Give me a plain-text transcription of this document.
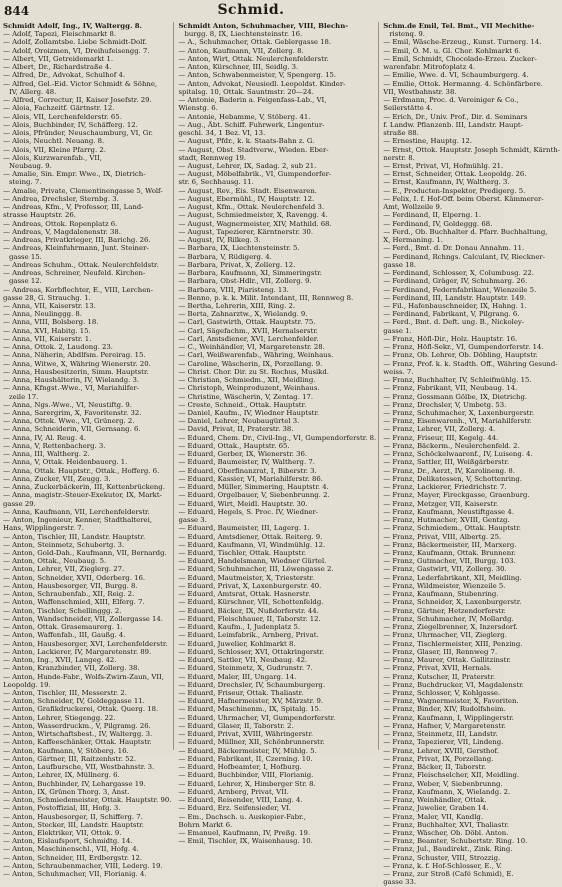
844	Schmid.
Schmidt Adolf, Ing., IV, Waltergg. 8.
— Adolf, Tapezi, Fleischmarkt 8.
— Adolf, Zollamtsbe. Liebe Schmidt-Dolf.
— Adolf, Oroizmen, VI, Dreihufeisengg. 7.
— Albert, VII, Getreidemarkt 1.
— Albert, Dr., Richardstraße 4.
— Alfred, Dr., Advokat, Schulhof 4.
— Alfred, Gel.-Eid. Victor Schmidt & Söhne,
IV, Allerg. 48.
— Alfred, Correctur, II, Kaiser Josefstr. 29.
— Aloia, Fachzeitf. Gärtnstr. 12.
— Alois, VII, Lerchenfelderstr. 65.
— Alois, Buchbinder, IV, Schäfferg. 12.
— Alois, Pfründer, Neuschaumburg, VI, Gr.
— Alois, Neuchtl. Neuang. 8.
— Alois, VII, Kleine Pfarrg. 2.
— Alois, Kurzwarenfab., VII,
Neubaug. 9.
— Amalie, Sin. Empr. Wwe., IX, Dietrich-
steing. 7.
— Amalie, Private, Clementinengasse 5, Wolf-
— Andrea, Drechsler, Sternbg. 3.
— Andreas, Kfm., V, Professor, III, Land-
strasse Hauptstr. 26.
— Andreas, Ottok. Ropenplatz 6.
— Andreas, V, Magdalenenstr. 38.
— Andreas, Privatkrieger, III, Barichg. 26.
— Andreas, Kleinfuhrmann, Junt. Steiner-
gasse 15.
— Andreas Schuhm., Ottak. Neulerchfeldstr.
— Andreas, Schreiner, Neufeld. Kirchen-
gasse 12.
— Andreas, Korbflechter, E., VIII, Lerchen-
gasse 28, G. Strauchg. 1.
— Anna, VII, Kaiserstr. 13.
— Anna, Neulinggg. 8.
— Anna, VIII, Bolsberg. 18.
— Anna, XVI, Habitg. 15.
— Anna, VII, Kaiserstr. 1.
— Anna, Ottok. 2, Laudong. 23.
— Anna, Näherin, Abdlfsm. Pereirag. 15.
— Anna, Witwe, X, Währing Wienerstr. 20.
— Anna, Hausbesitzerin, Simm. Hauptstr.
— Anna, Haushälterin, IV, Wielandg. 3.
— Anna, Kfngst.-Wwe., VI, Mariahilfer-
zeile 17.
— Anna, Ngs.-Wwe., VI, Neustiftg. 9.
— Anna, Sarergrim, X, Favoritenstr. 32.
— Anna, Ottok. Wwe., VI, Grünerg. 2.
— Anna, Schneiderin, VII, Gernsang. 6.
— Anna, IV, Al. Reug. 4.
— Anna, V, Rettenbacherg. 3.
— Anna, III, Waltherg. 2.
— Anna, V, Ottak. Heidenbauerg. 1.
— Anna, Ottak. Hauptstr., Ottak., Hofferg. 6.
— Anna, Zucker, VII, Zeugg. 3.
— Anna, Zuckerbäckerin, III, Kettenbrückeng.
— Anna, magistr.-Steuer-Exekutor, IX, Markt-
gasse 29.
— Anna, Kaufmann, VII, Lerchenfelderstr.
— Anton, Ingenieur, Kenner, Stadthalterei,
Hans, Wipplingerstr. 7.
— Anton, Tischler, III, Landstr. Hauptstr.
— Anton, Steinmetz, Schubertg. 3.
— Anton, Gold-Dah., Kaufmann, VII, Bernardg.
— Anton, Ottak., Neubaug. 5.
— Anton, Lehrer, VII, Zieglerg. 27.
— Anton, Schneider, XVII, Oderberg. 16.
— Anton, Hausbesorger, VII, Burgg. 8.
— Anton, Schraubenfab., XII, Reig. 2.
— Anton, Waffenschmied, XIII, Elferg. 7.
— Anton, Tischler, Schellinggg. 2.
— Anton, Wandschneider, VII, Zollergasse 14.
— Anton, Ottak. Grasemaurerg. 1.
— Anton, Waffenfab., III, Gaußg. 4.
— Anton, Hausbesorger, XVI, Lerchenfelderstr.
— Anton, Lackierer, IV, Margaretenstr. 89.
— Anton, Ing., XVII, Langeg. 42.
— Anton, Kranzbinder, VII, Zollerg. 38.
— Anton, Hunde-Fabr., Wolfs-Zwirn-Zaun, VII,
Leopoldg. 19.
— Anton, Tischler, III, Messerstr. 2.
— Anton, Schneider, IV, Goldeggasse 11.
— Anton, Grafikdruckerei, Ottak. Querg. 18.
— Anton, Lehrer, Stiegengg. 22.
— Anton, Wasserdruckm., V, Pilgramg. 26.
— Anton, Wirtschaftsbest., IV, Waltergg. 3.
— Anton, Kaffeeschänker, Ottak. Hauptstr.
— Anton, Kaufmann, V, Stöberg. 16.
— Anton, Gärtner, III, Raitzenhstr. 52.
— Anton, Laufbursche, VII, Westbahnstr. 3.
— Anton, Lehrer, IX, Müllnerg. 6.
— Anton, Buchbinder, IV, Lehargasse 19.
— Anton, IX, Grünen Thorg. 3, Anst.
— Anton, Schmiedemeister, Ottak. Hauptstr. 90.
— Anton, Postoffizial, III, Hofg. 3.
— Anton, Hausbesorger, II, Schifferg. 7.
— Anton, Stecker, III, Landstr. Hauptstr.
— Anton, Elektriker, VII, Ottok. 9.
— Anton, Eislaufsport, Schmidtg. 14.
— Anton, Maschinenschl., VII, Hofg. 4.
— Anton, Schneider, III, Erdbergstr. 12.
— Anton, Schraubenmacher, VIII, Lederg. 19.
— Anton, Schuhmacher, VII, Florianig. 4.
Schmidt Anton, Schuhmacher, VIII, Blechn-
burgg. 8, IX, Liechtensteinstr. 16.
— A., Schuhmacher, Ottak. Geblergasse 18.
— Anton, Kaufmann, VII, Zollerg. 8.
— Anton, Wirt, Ottak. Neulerchenfelderstr.
— Anton, Kürschner, III, Seidlg. 3.
— Anton, Schwabenmeister, V, Spengerg. 15.
— Anton, Advokat, Neusiedl. Leopoldst. Kinder-
spitalsg. 10, Ottak. Sauntmstr. 20—24.
— Antonie, Baderin a. Feigenfass-Lab., VI,
Wienstg. 6.
— Antonie, Hebamme, V, Stöberg. 41.
— Aug., Äbt. Schiff. Fuhrwerk, Lingentur-
geschl. 34, 1 Bez. VI, 13.
— August, Pfdr., k. k. Staats-Bahn z. G.
— August, Obst. Stadtverw., Wieden. Eber-
stadt, Rennweg 19.
— August, Lehrer, IX, Sadag. 2, sub 21.
— August, Möbelfabrik., VI, Gumpendorfer-
str. 6, Sechhausg. 11.
— August, Rev., Eis. Stadt. Eisenwaren.
— August, Ebermühl., IV, Hauptstr. 12.
— August, Kfm., Ottak. Neulerchenfeld 3.
— August, Schmiedmeister, X, Ravengg. 4.
— August, Wagnermeister, XIV, Mathild. 68.
— August, Tapezierer, Kärntnerstr. 30.
— August, IV, Rilkeg. 3.
— Barbara, IX, Liechtensteinstr. 5.
— Barbara, V, Rüdigerg. 4.
— Barbara, Privat, X, Zollerg. 12.
— Barbara, Kaufmann, XI, Simmeringstr.
— Barbara, Obst-Hdlr., VII, Zollerg. 9.
— Barbara, VIII, Piaristeng. 13.
— Benno, p. k. k. Milit. Intendant, III, Rennweg 8.
— Bertha, Lehrerin, XIII, Ring. 2.
— Berta, Zahnarztw., X, Wielandg. 9.
— Carl, Gastwirth, Ottak. Hauptstr. 75.
— Carl, Sägefachm., XVII, Hernalserstr.
— Carl, Amtsdiener, XVI, Lerchenfelder.
— C., Weinhändler, VI, Margaretenstr. 28.
— Carl, Weißwarenfab., Währing, Weinhaus.
— Caroline, Wäscherin, IX, Porzellang. 9.
— Christ. Chor. Dir. zu St. Rochus, Musikd.
— Christian, Schmiedm., XII, Meidling.
— Christoph, Weinproduzent, Weinhaus.
— Christine, Wäscherin, V, Zentag. 17.
— Creste, Schneid., Ottak. Hauptstr.
— Daniel, Kaufm., IV, Wiedner Hauptstr.
— Daniel, Lehrer, Neubaugürtel 3.
— David, Privat, II, Praterstr. 38.
— Eduard, Chem. Dr., Civil-Ing., VI, Gumpendorferstr. 8.
— Eduard, Ottak., Hauptstr. 65.
— Eduard, Gerber, IX, Wienerstr. 36.
— Eduard, Baumeister, IV, Waltherg. 7.
— Eduard, Oberfinanzrat, I, Biberstr. 3.
— Eduard, Kassier, VI, Mariahilferstr. 86.
— Eduard, Müller, Simmering, Hauptstr. 4.
— Eduard, Orgelbauer, V, Siebenbrunng. 2.
— Eduard, Wirt, Meidl. Hauptstr. 30.
— Eduard, Hegels, S. Proc. IV, Wiedner-
gasse 3.
— Eduard, Baumeister, III, Lagerg. 1.
— Eduard, Amtsdiener, Ottak. Reiterg. 9.
— Eduard, Kaufmann, VI, Windmühlg. 12.
— Eduard, Tischler, Ottak. Hauptstr.
— Eduard, Handelsmann, Wiedner Gürtel.
— Eduard, Schuhmacher, III, Löwengasse 2.
— Eduard, Mautmeister, X, Triesterstr.
— Eduard, Privat, X, Laxenburgerstr. 40.
— Eduard, Amtsrat, Ottak. Hasnerstr.
— Eduard, Kürschner, VII, Schottenfeldg.
— Eduard, Bäcker, IX, Nußdorferstr. 44.
— Eduard, Fleischhauer, II, Taborstr. 12.
— Eduard, Kaufm., I, Judenplatz 5.
— Eduard, Leimfabrik., Arnberg, Privat.
— Eduard, Juwelier, Kohlmarkt 8.
— Eduard, Schlosser, XVI, Ottakringerstr.
— Eduard, Sattler, VII, Neubaug. 42.
— Eduard, Steinmetz, X, Gudrunstr. 7.
— Eduard, Maler, III, Ungarg. 14.
— Eduard, Drechsler, IV, Schaumburgerg.
— Eduard, Friseur, Ottak. Thaliastr.
— Eduard, Hafnermeister, XV, Märzstr. 9.
— Eduard, Maschinenm., IX, Spitalg. 15.
— Eduard, Uhrmacher, VI, Gumpendorferstr.
— Eduard, Glaser, II, Taborstr. 2.
— Eduard, Privat, XVIII, Währingerstr.
— Eduard, Müllner, XII, Schönbrunnerstr.
— Eduard, Bäckermeister, IV, Mühlg. 5.
— Eduard, Fabrikant, II, Czerning. 10.
— Eduard, Hofbeamter, I, Hofburg.
— Eduard, Buchbinder, VIII, Florianig.
— Eduard, Lehrer, X, Himberger Str. 8.
— Eduard, Arnberg, Privat, VII.
— Eduard, Reisender, VIII, Lang. 4.
— Eduard, Erz. Seifensieder, VI.
— Em., Dachsch. u. Auskopier-Fabr.,
Bohrn Markt 6.
— Emanuel, Kaufmann, IV, Preßg. 19.
— Emil, Tischler, IX, Waisenhausg. 10.
Schm.de Emil, Tel. Bmt., VII Mechithe-
ristenq. 9.
— Emil, Wäsche-Erzeug., Kunst. Turnerg. 14.
— Emil, Ö. M. u. Gl. Chor. Kohlmarkt 6.
— Emil, Schmidt, Chocolade-Erzeu. Zucker-
warenfabr. Mitrofoplatz 4.
— Emilie, Wwe. d. VI, Schaumburgerg. 4.
— Emilie, Ottok. Hermanng. 4. Schönfärbere.
VII, Westbahnstr. 38.
— Erdmann, Proc. d. Vereiniger & Co.,
Seilerstätte 4.
— Erich, Dr., Univ. Prof., Dir. d. Seminars
f. Landw. Pflanzenb. III, Landstr. Haupt-
straße 88.
— Ernestine, Hauptg. 12.
— Ernst, Ottok. Hauptstr. Joseph Schmidt, Kärnth-
nerstr. 8.
— Ernst, Privat, VI, Hofmühlg. 21.
— Ernst, Schneider, Ottak. Leopoldg. 26.
— Ernst, Kaufmann, IV, Waltherg. 3.
— E., Producten-Inspektor, Predigerg. 5.
— Felix, I. f. Hof-Off. beim Oberst. Kämmerer-
Amt, Wollzeile 9.
— Ferdinand, II, Elperng. 1.
— Ferdinand, IV, Goldeggg. 68.
— Ferd., Ob. Buchhalter d. Pfarr. Buchhaltung,
X, Hermaning. 1.
— Ferd., Bmt. d. Dr. Donau Annahm. 11.
— Ferdinand, Rchngs. Calculant, IV, Rieckner-
gasse 18.
— Ferdinand, Schlosser, X, Columbusg. 22.
— Ferdinand, Gräger, IV, Schuhmarg. 26.
— Ferdinand, Federnfabrikant, Wienzeile 5.
— Ferdinand, III, Landstr. Hauptstr. 149.
— Fil., Hafenbauschneider, IX, Hahng. 1.
— Ferdinand, Fabrikant, V, Pilgrang. 6.
— Ferd., Bmt. d. Deft. ung. B., Nickoley-
gasse 1.
— Franz, Höfl-Dir., Holz. Hauptstr. 16.
— Franz, Höfl-Sekr., VI, Gumpendorferstr. 14.
— Franz, Ob. Lehrer, Ob. Döbling, Hauptstr.
— Franz, Prof. k. k. Stadth. Off., Währing Gesund-
weiss. 7.
— Franz, Buchhalter, IV, Schleifmühlg. 15.
— Franz, Fabrikant, VII, Neubaug. 14.
— Franz, Gossmann Gölbe, IX, Dietrichg.
— Franz, Drechsler, V, Umbetg. 53.
— Franz, Schuhmacher, X, Laxenburgerstr.
— Franz, Eisenwarenh., VI, Mariahilferstr.
— Franz, Lehrer, VII, Zollerg. 4.
— Franz, Friseur, III, Kegelg. 44.
— Franz, Bäckerm., Neulerchenfeld. 2.
— Franz, Schöckelwaarenf., IV, Luiseng. 4.
— Franz, Sattler, III, Weißgärberstr.
— Franz, Dr., Aerzt, IV, Karolineng. 8.
— Franz, Delikatessen, V, Schottenring.
— Franz, Lackierer, Friedrichstr. 7.
— Franz, Mayer, Fireckgasse, Graenburg.
— Franz, Metzger, VII, Kaiserstr.
— Franz, Kaufmann, Neustiftgasse 4.
— Franz, Hutmacher, XVIII, Gentzg.
— Franz, Schmiedem., Ottak. Hauptstr.
— Franz, Privat, VIII, Albertg. 25.
— Franz, Bäckermeister, III, Marxerg.
— Franz, Kaufmann, Ottak. Brunnenr.
— Franz, Gutmacher, VII, Burgg. 103.
— Franz, Gastwirt, VII, Zollerg. 30.
— Franz, Lederfabrikant, XII, Meidling.
— Franz, Wildmeister, Wienzeile 5.
— Franz, Kaufmann, Stubenring.
— Franz, Schneider, X, Laxenburgerstr.
— Franz, Gärtner, Hetzendorferstr.
— Franz, Schuhmacher, IV, Mollardg.
— Franz, Ziegelbrenner, X, Inzersdorf.
— Franz, Uhrmacher, VII, Zieglerg.
— Franz, Tischlermeister, XIII, Penzing.
— Franz, Glaser, III, Rennweg 7.
— Franz, Maurer, Ottak. Gallitzinstr.
— Franz, Privat, XVII, Hernals.
— Franz, Kutscher, II, Praterstr.
— Franz, Buchdrucker, VI, Magdalenstr.
— Franz, Schlosser, V, Kohlgasse.
— Franz, Wagnermeister, X, Favoriten.
— Franz, Binder, XIV, Rudolfsheim.
— Franz, Kaufmann, I, Wipplingerstr.
— Franz, Hafner, V, Margaretenstr.
— Franz, Steinmetz, III, Landstr.
— Franz, Tapezierer, VII, Lindeng.
— Franz, Lehrer, XVIII, Gersthof.
— Franz, Privat, IX, Porzellang.
— Franz, Bäcker, II, Taborstr.
— Franz, Fleischselcher, XII, Meidling.
— Franz, Weber, V, Siebenbrunng.
— Franz, Kaufmann, X, Wielandg. 2.
— Franz, Weinhändler, Ottak.
— Franz, Juwelier, Graben 14.
— Franz, Maler, VII, Kandlg.
— Franz, Buchhalter, XVI, Thaliastr.
— Franz, Wäscher, Ob. Döbl. Anton.
— Franz, Beamter, Schubertstr. Ring. 10.
— Franz, Jul., Baudirekt., Zink. Ring.
— Franz, Schuster, VIII, Strozzig.
— Franz, k. f. Hof-Schlosser, E., V.
— Franz, zur Stroß (Café Schmid), E.
gasse 33.
